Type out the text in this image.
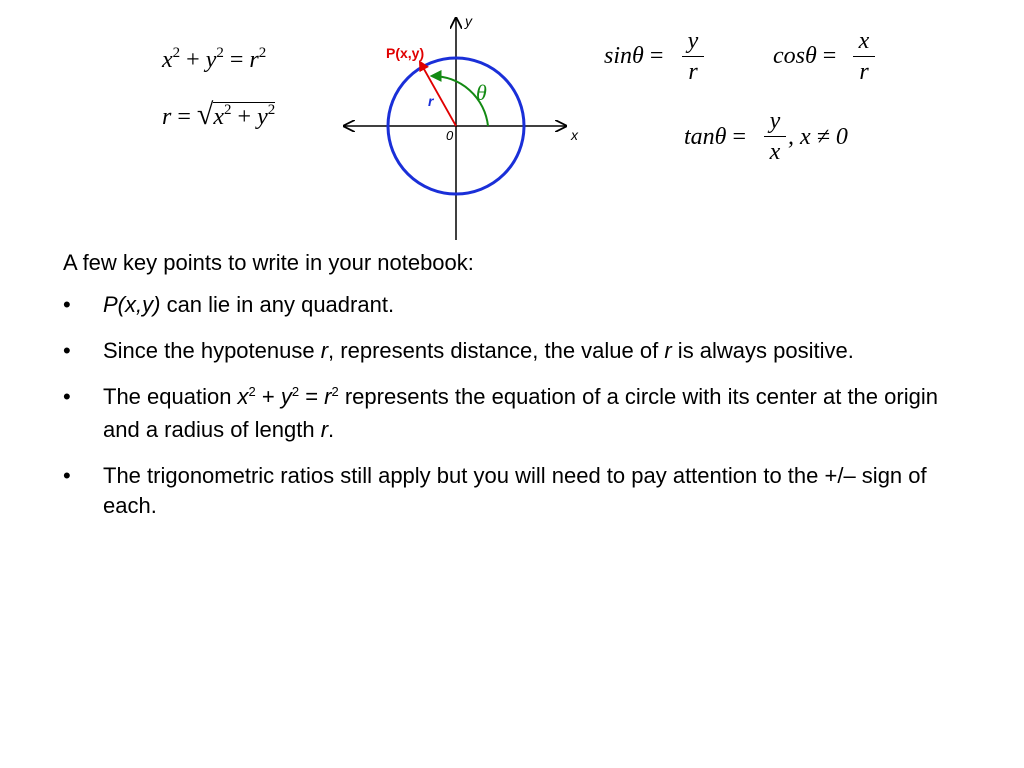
$x^2 + y^2 = r^2$
$r = √x^2 + y^2$
P(x,y)
r θ
0	x
y
sinθ =
y
r
cosθ =
x
r
tanθ =
y
x
, x ≠ 0

A few key points to write in your notebook:

• P(x,y) can lie in any quadrant.
• Since the hypotenuse r, represents distance, the value of r is always positive.
• The equation $x^2 + y^2 = r^2$ represents the equation of a circle with its center at the origin and a radius of length r.
• The trigonometric ratios still apply but you will need to pay attention to the +/– sign of each.
